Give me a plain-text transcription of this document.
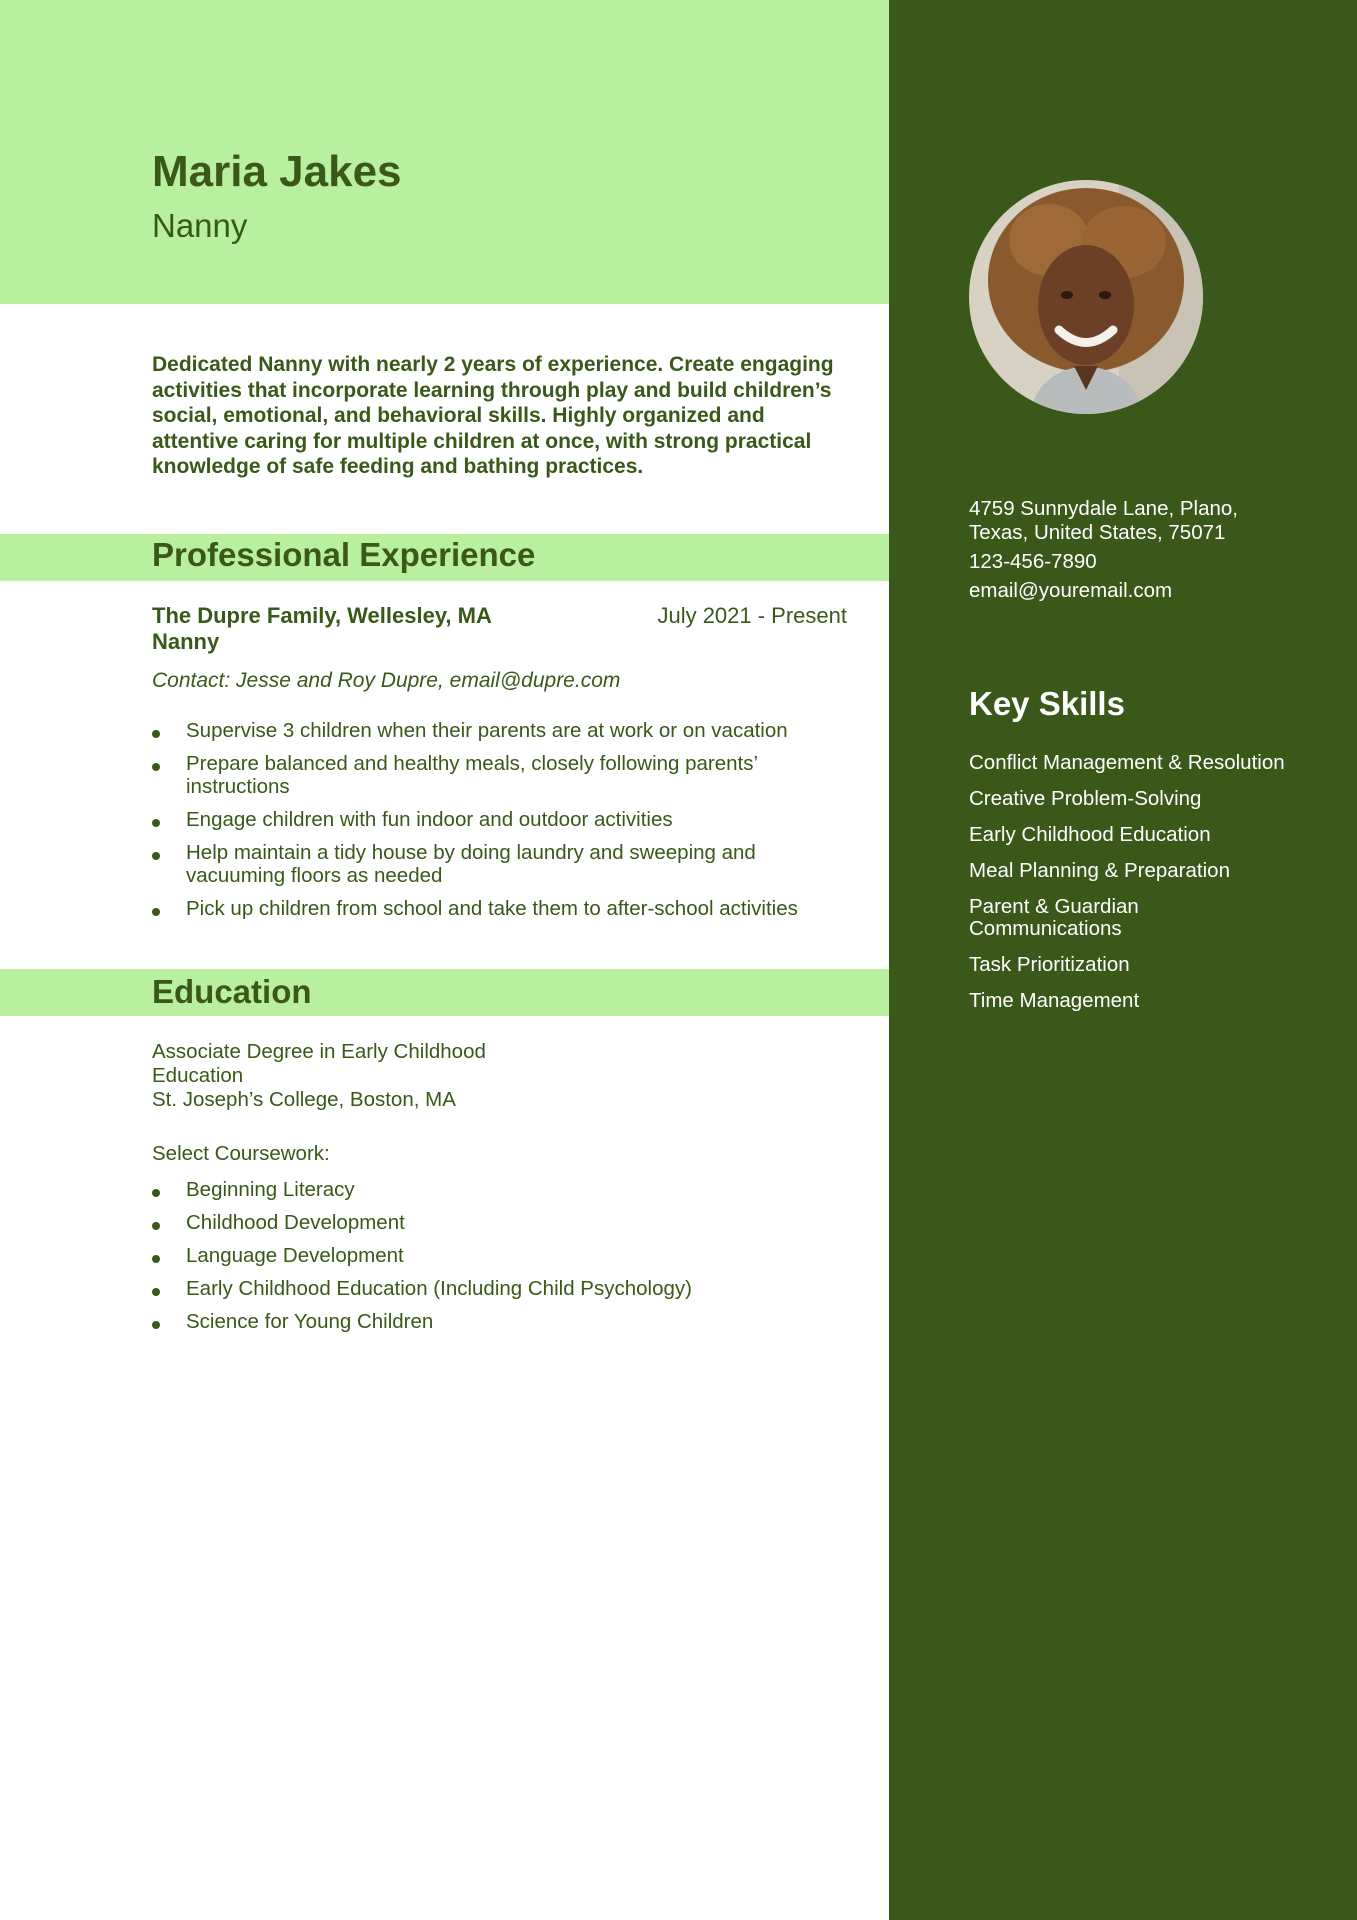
Maria Jakes
Nanny

Dedicated Nanny with nearly 2 years of experience. Create engaging activities that incorporate learning through play and build children’s social, emotional, and behavioral skills. Highly organized and attentive caring for multiple children at once, with strong practical knowledge of safe feeding and bathing practices.

Professional Experience
The Dupre Family, Wellesley, MA	July 2021 - Present
Nanny
Contact: Jesse and Roy Dupre, email@dupre.com
Supervise 3 children when their parents are at work or on vacation
Prepare balanced and healthy meals, closely following parents’ instructions
Engage children with fun indoor and outdoor activities
Help maintain a tidy house by doing laundry and sweeping and vacuuming floors as needed
Pick up children from school and take them to after-school activities
Education
Associate Degree in Early Childhood Education
St. Joseph’s College, Boston, MA
Select Coursework:
Beginning Literacy
Childhood Development
Language Development
Early Childhood Education (Including Child Psychology)
Science for Young Children
4759 Sunnydale Lane, Plano, Texas, United States, 75071
123-456-7890
email@youremail.com
Key Skills
Conflict Management & Resolution
Creative Problem-Solving
Early Childhood Education
Meal Planning & Preparation
Parent & Guardian Communications
Task Prioritization
Time Management
